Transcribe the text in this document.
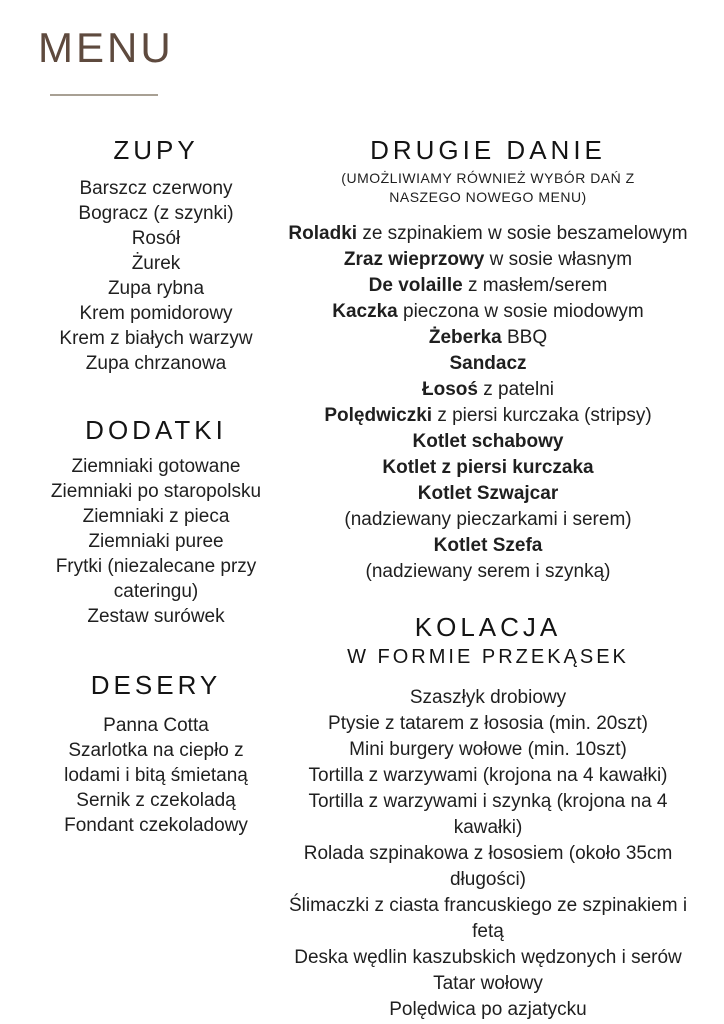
MENU
ZUPY
Barszcz czerwony
Bogracz (z szynki)
Rosół
Żurek
Zupa rybna
Krem pomidorowy
Krem z białych warzyw
Zupa chrzanowa
DODATKI
Ziemniaki gotowane
Ziemniaki po staropolsku
Ziemniaki z pieca
Ziemniaki puree
Frytki (niezalecane przy cateringu)
Zestaw surówek
DESERY
Panna Cotta
Szarlotka na ciepło z lodami i bitą śmietaną
Sernik z czekoladą
Fondant czekoladowy
DRUGIE DANIE
(UMOŻLIWIAMY RÓWNIEŻ WYBÓR DAŃ Z NASZEGO NOWEGO MENU)
Roladki ze szpinakiem w sosie beszamelowym
Zraz wieprzowy w sosie własnym
De volaille z masłem/serem
Kaczka pieczona w sosie miodowym
Żeberka BBQ
Sandacz
Łosoś z patelni
Polędwiczki z piersi kurczaka (stripsy)
Kotlet schabowy
Kotlet z piersi kurczaka
Kotlet Szwajcar
(nadziewany pieczarkami i serem)
Kotlet Szefa
(nadziewany serem i szynką)
KOLACJA
W FORMIE PRZEKĄSEK
Szaszłyk drobiowy
Ptysie z tatarem z łososia (min. 20szt)
Mini burgery wołowe (min. 10szt)
Tortilla z warzywami (krojona na 4 kawałki)
Tortilla z warzywami i szynką (krojona na 4 kawałki)
Rolada szpinakowa z łososiem (około 35cm długości)
Ślimaczki z ciasta francuskiego ze szpinakiem i fetą
Deska wędlin kaszubskich wędzonych i serów
Tatar wołowy
Polędwica po azjatycku
